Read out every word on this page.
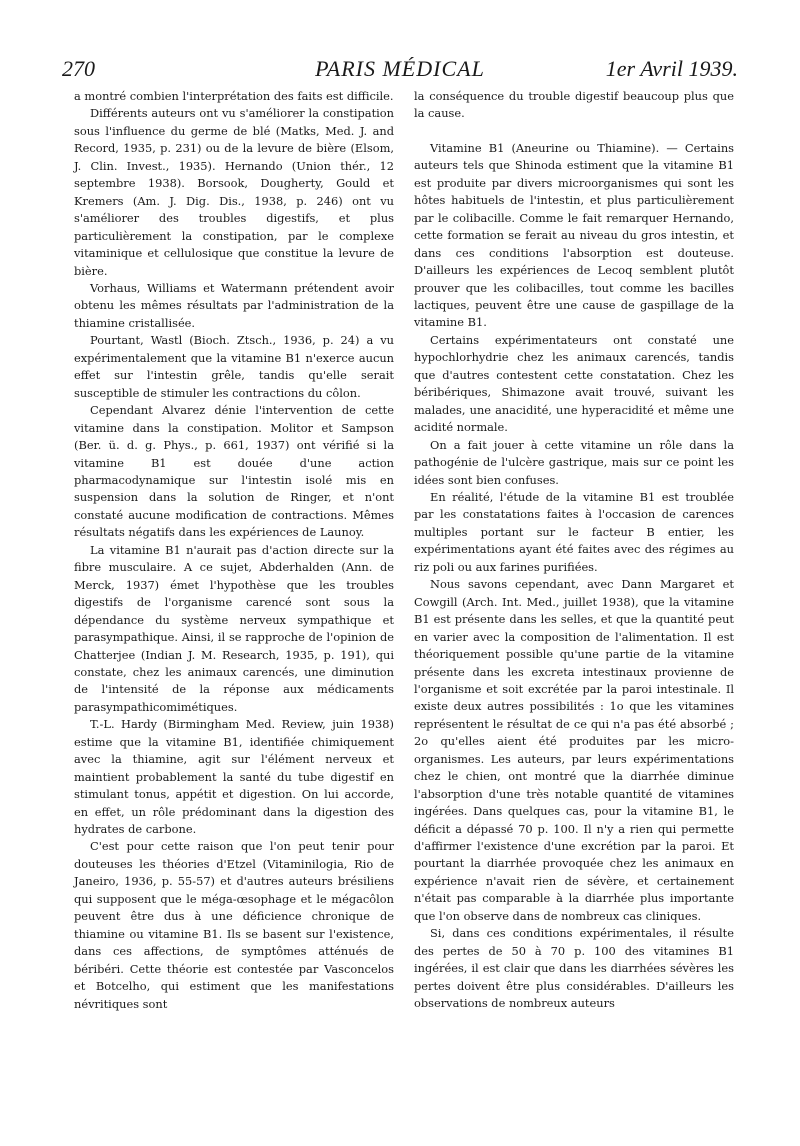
270	PARIS MÉDICAL	1er Avril 1939.

a montré combien l'interprétation des faits est difficile.

Différents auteurs ont vu s'améliorer la constipation sous l'influence du germe de blé (Matks, Med. J. and Record, 1935, p. 231) ou de la levure de bière (Elsom, J. Clin. Invest., 1935). Hernando (Union thér., 12 septembre 1938). Borsook, Dougherty, Gould et Kremers (Am. J. Dig. Dis., 1938, p. 246) ont vu s'améliorer des troubles digestifs, et plus particulièrement la constipation, par le complexe vitaminique et cellulosique que constitue la levure de bière.

Vorhaus, Williams et Watermann prétendent avoir obtenu les mêmes résultats par l'administration de la thiamine cristallisée.

Pourtant, Wastl (Bioch. Ztsch., 1936, p. 24) a vu expérimentalement que la vitamine B1 n'exerce aucun effet sur l'intestin grêle, tandis qu'elle serait susceptible de stimuler les contractions du côlon.

Cependant Alvarez dénie l'intervention de cette vitamine dans la constipation. Molitor et Sampson (Ber. ü. d. g. Phys., p. 661, 1937) ont vérifié si la vitamine B1 est douée d'une action pharmacodynamique sur l'intestin isolé mis en suspension dans la solution de Ringer, et n'ont constaté aucune modification de contractions. Mêmes résultats négatifs dans les expériences de Launoy.

La vitamine B1 n'aurait pas d'action directe sur la fibre musculaire. A ce sujet, Abderhalden (Ann. de Merck, 1937) émet l'hypothèse que les troubles digestifs de l'organisme carencé sont sous la dépendance du système nerveux sympathique et parasympathique. Ainsi, il se rapproche de l'opinion de Chatterjee (Indian J. M. Research, 1935, p. 191), qui constate, chez les animaux carencés, une diminution de l'intensité de la réponse aux médicaments parasympathicomimétiques.

T.-L. Hardy (Birmingham Med. Review, juin 1938) estime que la vitamine B1, identifiée chimiquement avec la thiamine, agit sur l'élément nerveux et maintient probablement la santé du tube digestif en stimulant tonus, appétit et digestion. On lui accorde, en effet, un rôle prédominant dans la digestion des hydrates de carbone.

C'est pour cette raison que l'on peut tenir pour douteuses les théories d'Etzel (Vitaminilogia, Rio de Janeiro, 1936, p. 55-57) et d'autres auteurs brésiliens qui supposent que le méga-œsophage et le mégacôlon peuvent être dus à une déficience chronique de thiamine ou vitamine B1. Ils se basent sur l'existence, dans ces affections, de symptômes atténués de béribéri. Cette théorie est contestée par Vasconcelos et Botcelho, qui estiment que les manifestations névritiques sont

la conséquence du trouble digestif beaucoup plus que la cause.

Vitamine B1 (Aneurine ou Thiamine). — Certains auteurs tels que Shinoda estiment que la vitamine B1 est produite par divers microorganismes qui sont les hôtes habituels de l'intestin, et plus particulièrement par le colibacille. Comme le fait remarquer Hernando, cette formation se ferait au niveau du gros intestin, et dans ces conditions l'absorption est douteuse. D'ailleurs les expériences de Lecoq semblent plutôt prouver que les colibacilles, tout comme les bacilles lactiques, peuvent être une cause de gaspillage de la vitamine B1.

Certains expérimentateurs ont constaté une hypochlorhydrie chez les animaux carencés, tandis que d'autres contestent cette constatation. Chez les béribériques, Shimazone avait trouvé, suivant les malades, une anacidité, une hyperacidité et même une acidité normale.

On a fait jouer à cette vitamine un rôle dans la pathogénie de l'ulcère gastrique, mais sur ce point les idées sont bien confuses.

En réalité, l'étude de la vitamine B1 est troublée par les constatations faites à l'occasion de carences multiples portant sur le facteur B entier, les expérimentations ayant été faites avec des régimes au riz poli ou aux farines purifiées.

Nous savons cependant, avec Dann Margaret et Cowgill (Arch. Int. Med., juillet 1938), que la vitamine B1 est présente dans les selles, et que la quantité peut en varier avec la composition de l'alimentation. Il est théoriquement possible qu'une partie de la vitamine présente dans les excreta intestinaux provienne de l'organisme et soit excrétée par la paroi intestinale. Il existe deux autres possibilités : 1o que les vitamines représentent le résultat de ce qui n'a pas été absorbé ; 2o qu'elles aient été produites par les micro-organismes. Les auteurs, par leurs expérimentations chez le chien, ont montré que la diarrhée diminue l'absorption d'une très notable quantité de vitamines ingérées. Dans quelques cas, pour la vitamine B1, le déficit a dépassé 70 p. 100. Il n'y a rien qui permette d'affirmer l'existence d'une excrétion par la paroi. Et pourtant la diarrhée provoquée chez les animaux en expérience n'avait rien de sévère, et certainement n'était pas comparable à la diarrhée plus importante que l'on observe dans de nombreux cas cliniques.

Si, dans ces conditions expérimentales, il résulte des pertes de 50 à 70 p. 100 des vitamines B1 ingérées, il est clair que dans les diarrhées sévères les pertes doivent être plus considérables. D'ailleurs les observations de nombreux auteurs
